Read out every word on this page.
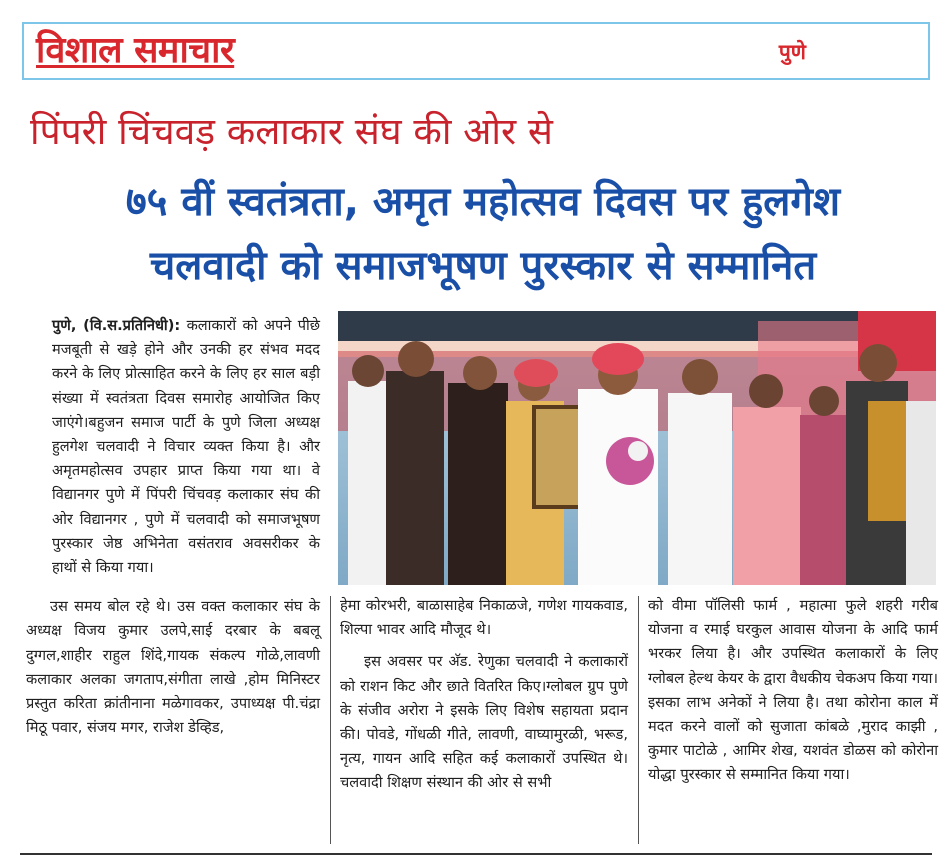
विशाल समाचार	पुणे
पिंपरी चिंचवड़ कलाकार संघ की ओर से
७५ वीं स्वतंत्रता, अमृत महोत्सव दिवस पर हुलगेश
चलवादी को समाजभूषण पुरस्कार से सम्मानित

पुणे, (वि.स.प्रतिनिधी): कलाकारों को अपने पीछे मजबूती से खड़े होने और उनकी हर संभव मदद करने के लिए प्रोत्साहित करने के लिए हर साल बड़ी संख्या में स्वतंत्रता दिवस समारोह आयोजित किए जाएंगे।बहुजन समाज पार्टी के पुणे जिला अध्यक्ष हुलगेश चलवादी ने विचार व्यक्त किया है। और अमृतमहोत्सव उपहार प्राप्त किया गया था। वे विद्यानगर पुणे में पिंपरी चिंचवड़ कलाकार संघ की ओर विद्यानगर , पुणे में चलवादी को समाजभूषण पुरस्कार जेष्ठ अभिनेता वसंतराव अवसरीकर के हाथों से किया गया।

उस समय बोल रहे थे। उस वक्त कलाकार संघ के अध्यक्ष विजय कुमार उलपे,साई दरबार के बबलू दुग्गल,शाहीर राहुल शिंदे,गायक संकल्प गोळे,लावणी कलाकार अलका जगताप,संगीता लाखे ,होम मिनिस्टर प्रस्तुत करिता क्रांतीनाना मळेगावकर, उपाध्यक्ष पी.चंद्रा मिठू पवार, संजय मगर, राजेश डेव्हिड,

हेमा कोरभरी, बाळासाहेब निकाळजे, गणेश गायकवाड, शिल्पा भावर आदि मौजूद थे।

इस अवसर पर अ‍ॅड. रेणुका चलवादी ने कलाकारों को राशन किट और छाते वितरित किए।ग्लोबल ग्रुप पुणे के संजीव अरोरा ने इसके लिए विशेष सहायता प्रदान की। पोवडे, गोंधळी गीते, लावणी, वाघ्यामुरळी, भरूड, नृत्य, गायन आदि सहित कई कलाकारों उपस्थित थे। चलवादी शिक्षण संस्थान की ओर से सभी

को वीमा पॉलिसी फार्म , महात्मा फुले शहरी गरीब योजना व रमाई घरकुल आवास योजना के आदि फार्म भरकर लिया है। और उपस्थित कलाकारों के लिए ग्लोबल हेल्थ केयर के द्वारा वैधकीय चेकअप किया गया। इसका लाभ अनेकों ने लिया है। तथा कोरोना काल में मदत करने वालों को सुजाता कांबळे ,मुराद काझी , कुमार पाटोळे , आमिर शेख, यशवंत डोळस को कोरोना योद्धा पुरस्कार से सम्मानित किया गया।
